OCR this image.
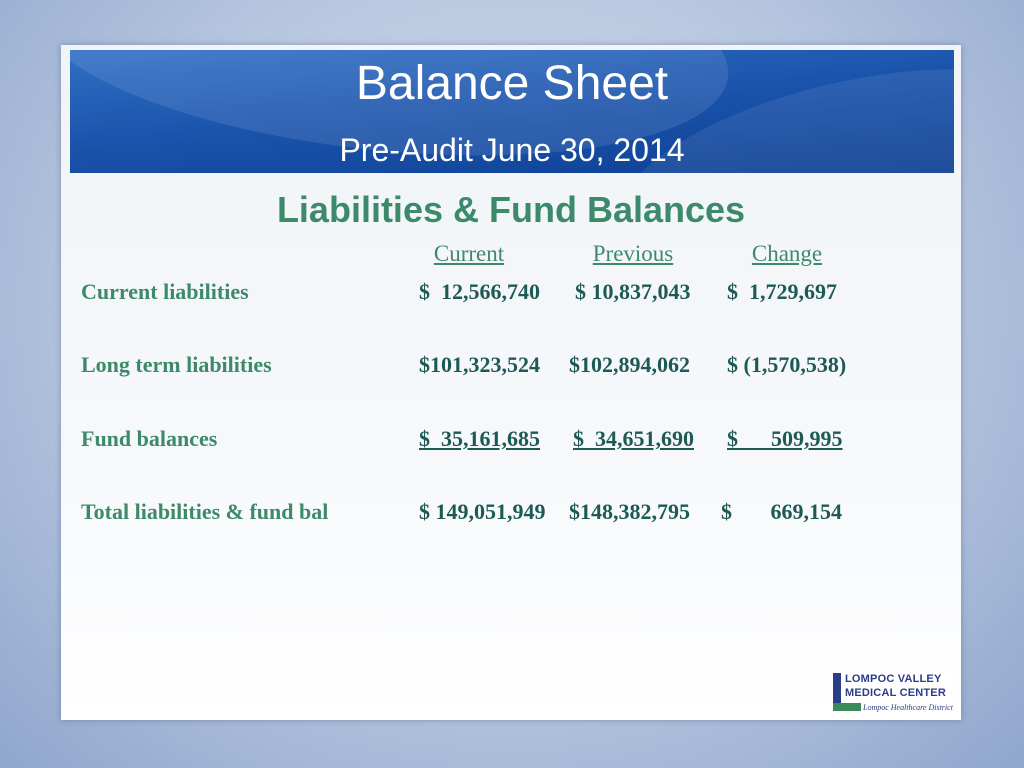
Balance Sheet
Pre-Audit June 30, 2014
Liabilities & Fund Balances
Current	Previous	Change
Current liabilities	$  12,566,740 $ 10,837,043 $  1,729,697
Long term liabilities	$101,323,524 $102,894,062 $ (1,570,538)
Fund balances	$  35,161,685 $  34,651,690 $      509,995
Total liabilities & fund bal	$ 149,051,949 $148,382,795 $       669,154
LOMPOC VALLEY
MEDICAL CENTER
Lompoc Healthcare District
